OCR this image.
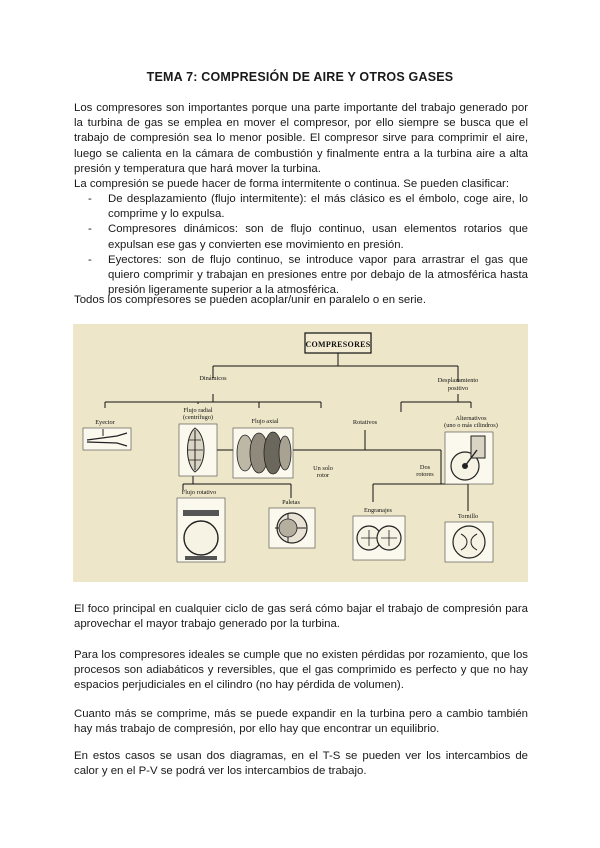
TEMA 7: COMPRESIÓN DE AIRE Y OTROS GASES

Los compresores son importantes porque una parte importante del trabajo generado por la turbina de gas se emplea en mover el compresor, por ello siempre se busca que el trabajo de compresión sea lo menor posible. El compresor sirve para comprimir el aire, luego se calienta en la cámara de combustión y finalmente entra a la turbina aire a alta presión y temperatura que hará mover la turbina.

La compresión se puede hacer de forma intermitente o continua. Se pueden clasificar:

- De desplazamiento (flujo intermitente): el más clásico es el émbolo, coge aire, lo comprime y lo expulsa.
- Compresores dinámicos: son de flujo continuo, usan elementos rotarios que expulsan ese gas y convierten ese movimiento en presión.
- Eyectores: son de flujo continuo, se introduce vapor para arrastrar el gas que quiero comprimir y trabajan en presiones entre por debajo de la atmosférica hasta presión ligeramente superior a la atmosférica.

Todos los compresores se pueden acoplar/unir en paralelo o en serie.

COMPRESORES
Dinámicos	Desplazamiento
positivo
Eyector
Flujo radial
(centrífugo)
Flujo axial	Rotativos
Alternativos
(uno o más cilindros)
Un solo
rotor
Dos
rotores
Flujo rotativo
Paletas
Engranajes
Tornillo

El foco principal en cualquier ciclo de gas será cómo bajar el trabajo de compresión para aprovechar el mayor trabajo generado por la turbina.

Para los compresores ideales se cumple que no existen pérdidas por rozamiento, que los procesos son adiabáticos y reversibles, que el gas comprimido es perfecto y que no hay espacios perjudiciales en el cilindro (no hay pérdida de volumen).

Cuanto más se comprime, más se puede expandir en la turbina pero a cambio también hay más trabajo de compresión, por ello hay que encontrar un equilibrio.

En estos casos se usan dos diagramas, en el T-S se pueden ver los intercambios de calor y en el P-V se podrá ver los intercambios de trabajo.
